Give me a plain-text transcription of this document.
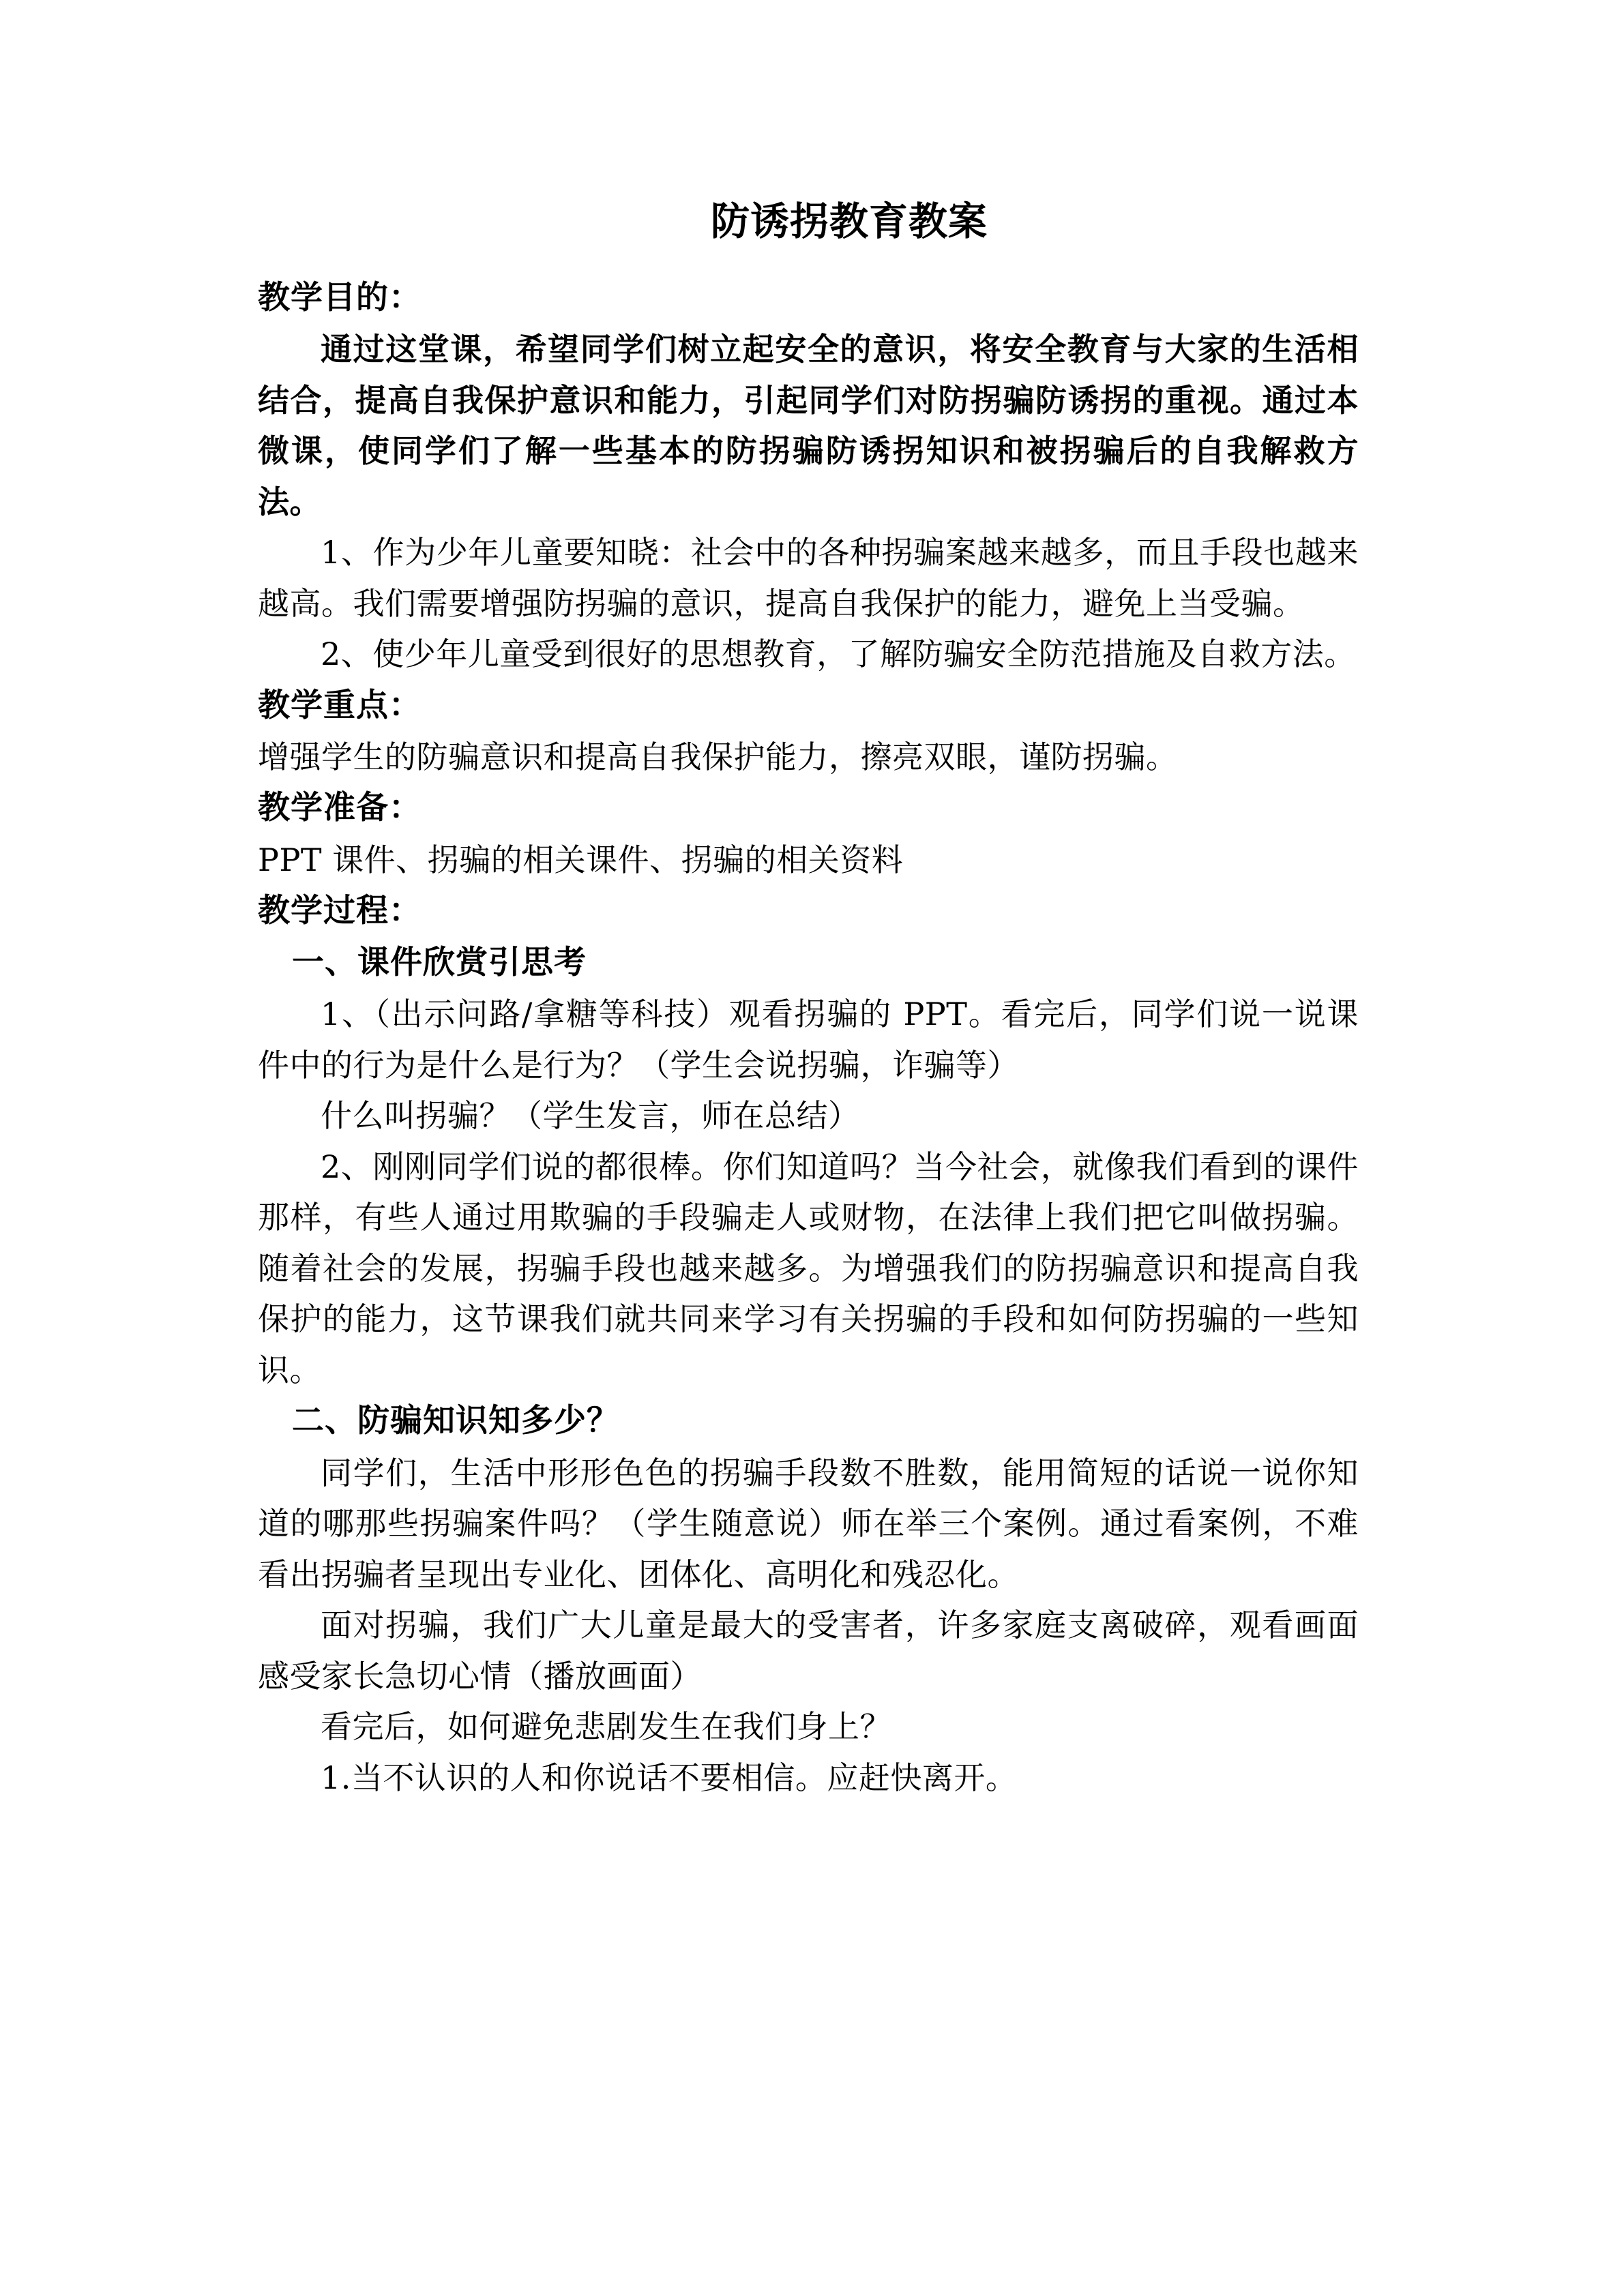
防诱拐教育教案

教学目的：

通过这堂课，希望同学们树立起安全的意识，将安全教育与大家的生活相结合，提高自我保护意识和能力，引起同学们对防拐骗防诱拐的重视。通过本微课，使同学们了解一些基本的防拐骗防诱拐知识和被拐骗后的自我解救方法。

1、作为少年儿童要知晓：社会中的各种拐骗案越来越多，而且手段也越来越高。我们需要增强防拐骗的意识，提高自我保护的能力，避免上当受骗。

2、使少年儿童受到很好的思想教育，了解防骗安全防范措施及自救方法。

教学重点：

增强学生的防骗意识和提高自我保护能力，擦亮双眼，谨防拐骗。

教学准备：

PPT 课件、拐骗的相关课件、拐骗的相关资料

教学过程：

一、课件欣赏引思考

1、（出示问路/拿糖等科技）观看拐骗的 PPT。看完后，同学们说一说课件中的行为是什么是行为？（学生会说拐骗，诈骗等）

什么叫拐骗？（学生发言，师在总结）

2、刚刚同学们说的都很棒。你们知道吗？当今社会，就像我们看到的课件那样，有些人通过用欺骗的手段骗走人或财物，在法律上我们把它叫做拐骗。随着社会的发展，拐骗手段也越来越多。为增强我们的防拐骗意识和提高自我保护的能力，这节课我们就共同来学习有关拐骗的手段和如何防拐骗的一些知识。

二、防骗知识知多少？

同学们，生活中形形色色的拐骗手段数不胜数，能用简短的话说一说你知道的哪那些拐骗案件吗？（学生随意说）师在举三个案例。通过看案例，不难看出拐骗者呈现出专业化、团体化、高明化和残忍化。

面对拐骗，我们广大儿童是最大的受害者，许多家庭支离破碎，观看画面感受家长急切心情（播放画面）

看完后，如何避免悲剧发生在我们身上？

1.当不认识的人和你说话不要相信。应赶快离开。
